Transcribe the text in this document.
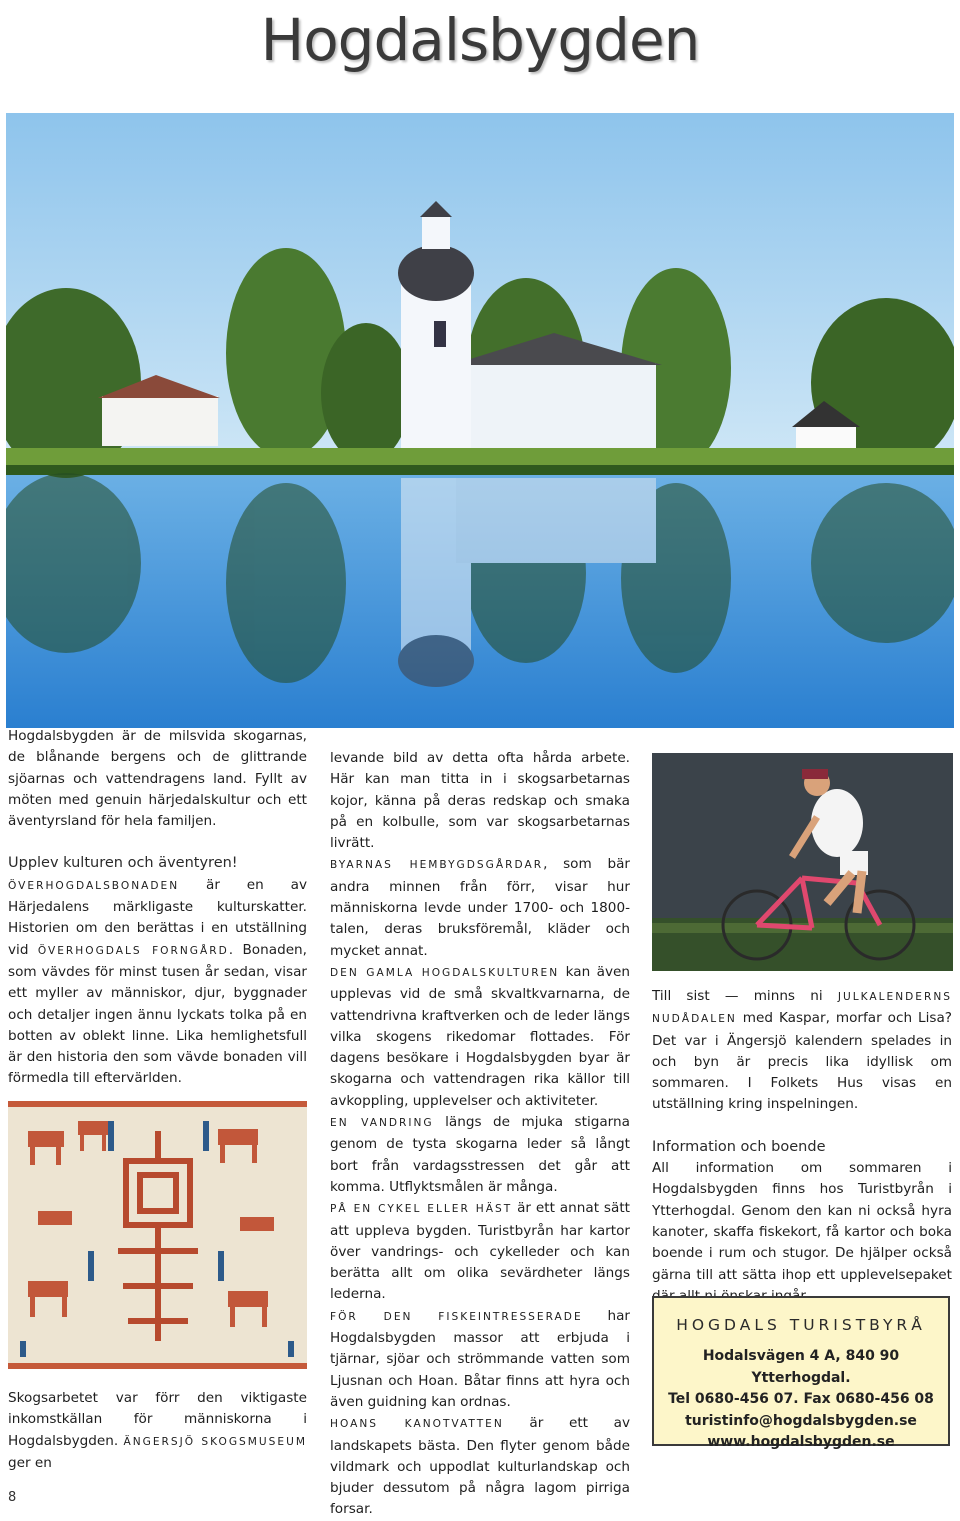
Hogdalsbygden

Hogdalsbygden är de milsvida skogarnas, de blånande bergens och de glittrande sjöarnas och vattendragens land. Fyllt av möten med genuin härjedalskultur och ett äventyrsland för hela familjen.

Upplev kulturen och äventyren!

ÖVERHOGDALSBONADEN är en av Härjedalens märkligaste kulturskatter. Historien om den berättas i en utställning vid ÖVERHOGDALS FORNGÅRD. Bonaden, som vävdes för minst tusen år sedan, visar ett myller av människor, djur, byggnader och detaljer ingen ännu lyckats tolka på en botten av oblekt linne. Lika hemlighetsfull är den historia den som vävde bonaden vill förmedla till eftervärlden.

Skogsarbetet var förr den viktigaste inkomstkällan för människorna i Hogdalsbygden. ÄNGERSJÖ SKOGSMUSEUM ger en

levande bild av detta ofta hårda arbete. Här kan man titta in i skogsarbetarnas kojor, känna på deras redskap och smaka på en kolbulle, som var skogsarbetarnas livrätt.

BYARNAS HEMBYGDSGÅRDAR, som bär andra minnen från förr, visar hur människorna levde under 1700- och 1800-talen, deras bruksföremål, kläder och mycket annat.

DEN GAMLA HOGDALSKULTUREN kan även upplevas vid de små skvaltkvarnarna, de vattendrivna kraftverken och de leder längs vilka skogens rikedomar flottades. För dagens besökare i Hogdalsbygden byar är skogarna och vattendragen rika källor till avkoppling, upplevelser och aktiviteter.

EN VANDRING längs de mjuka stigarna genom de tysta skogarna leder så långt bort från vardagsstressen det går att komma. Utflyktsmålen är många.

PÅ EN CYKEL ELLER HÄST är ett annat sätt att uppleva bygden. Turistbyrån har kartor över vandrings- och cykelleder och kan berätta allt om olika sevärdheter längs lederna.

FÖR DEN FISKEINTRESSERADE har Hogdalsbygden massor att erbjuda i tjärnar, sjöar och strömmande vatten som Ljusnan och Hoan. Båtar finns att hyra och även guidning kan ordnas.

HOANS KANOTVATTEN är ett av landskapets bästa. Den flyter genom både vildmark och uppodlat kulturlandskap och bjuder dessutom på några lagom pirriga forsar.

Till sist — minns ni JULKALENDERNS NUDÅDALEN med Kaspar, morfar och Lisa? Det var i Ängersjö kalendern spelades in och byn är precis lika idyllisk om sommaren. I Folkets Hus visas en utställning kring inspelningen.

Information och boende

All information om sommaren i Hogdalsbygden finns hos Turistbyrån i Ytterhogdal. Genom den kan ni också hyra kanoter, skaffa fiskekort, få kartor och boka boende i rum och stugor. De hjälper också gärna till att sätta ihop ett upplevelsepaket

HOGDALS TURISTBYRÅ
Hodalsvägen 4 A, 840 90 Ytterhogdal.
Tel 0680-456 07. Fax 0680-456 08
turistinfo@hogdalsbygden.se
www.hogdalsbygden.se
8
